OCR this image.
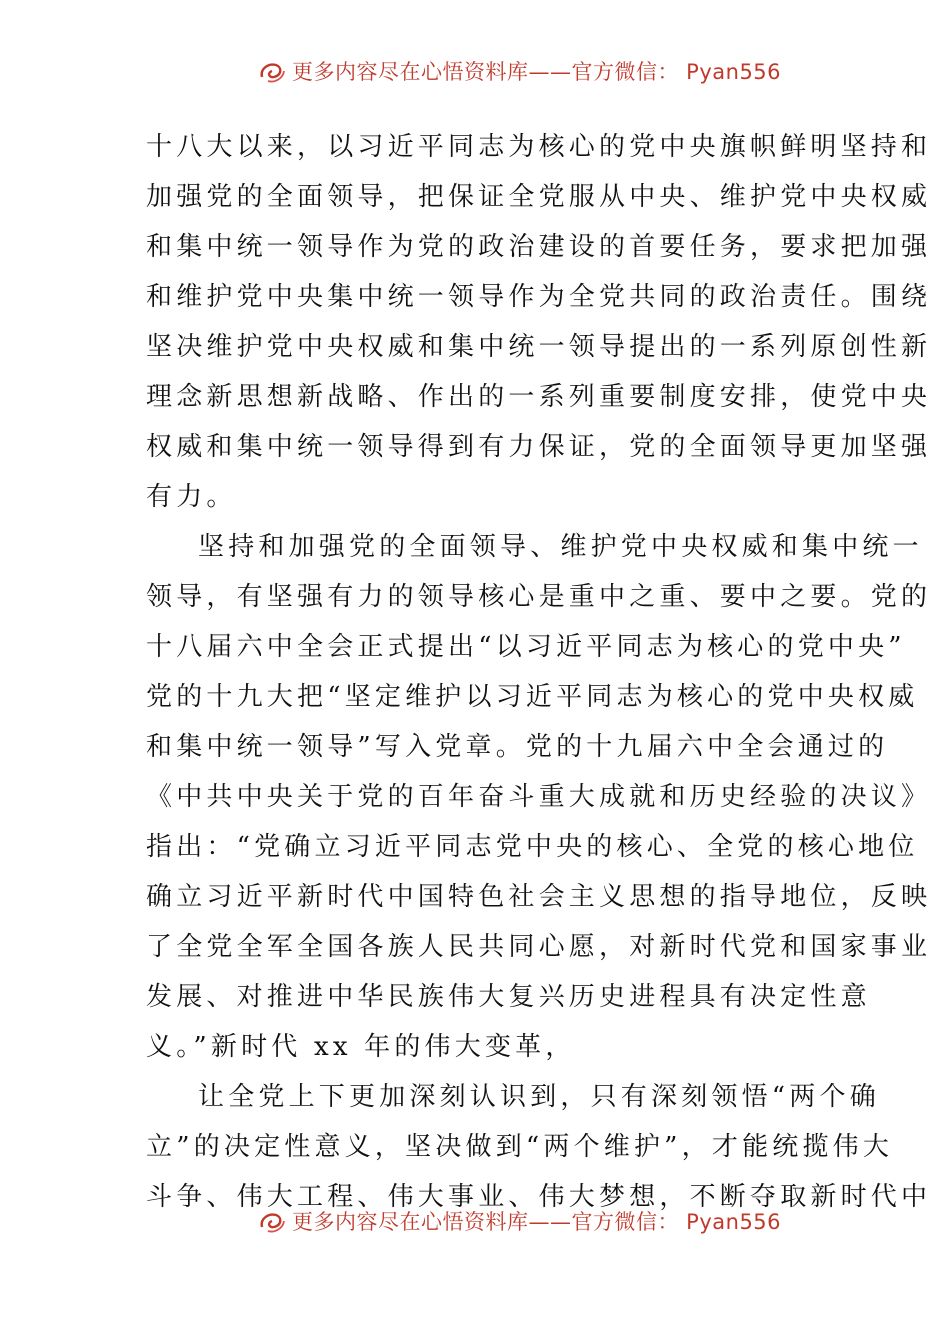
更多内容尽在心悟资料库——官方微信： Pyan556
十八大以来，以习近平同志为核心的党中央旗帜鲜明坚持和
加强党的全面领导，把保证全党服从中央、维护党中央权威
和集中统一领导作为党的政治建设的首要任务，要求把加强
和维护党中央集中统一领导作为全党共同的政治责任。围绕
坚决维护党中央权威和集中统一领导提出的一系列原创性新
理念新思想新战略、作出的一系列重要制度安排，使党中央
权威和集中统一领导得到有力保证，党的全面领导更加坚强
有力。
坚持和加强党的全面领导、维护党中央权威和集中统一
领导，有坚强有力的领导核心是重中之重、要中之要。党的
十八届六中全会正式提出“以习近平同志为核心的党中央”
党的十九大把“坚定维护以习近平同志为核心的党中央权威
和集中统一领导”写入党章。党的十九届六中全会通过的
《中共中央关于党的百年奋斗重大成就和历史经验的决议》
指出：“党确立习近平同志党中央的核心、全党的核心地位
确立习近平新时代中国特色社会主义思想的指导地位，反映
了全党全军全国各族人民共同心愿，对新时代党和国家事业
发展、对推进中华民族伟大复兴历史进程具有决定性意
义。”新时代 xx 年的伟大变革，
让全党上下更加深刻认识到，只有深刻领悟“两个确
立”的决定性意义，坚决做到“两个维护”，才能统揽伟大
斗争、伟大工程、伟大事业、伟大梦想，不断夺取新时代中
更多内容尽在心悟资料库——官方微信： Pyan556
